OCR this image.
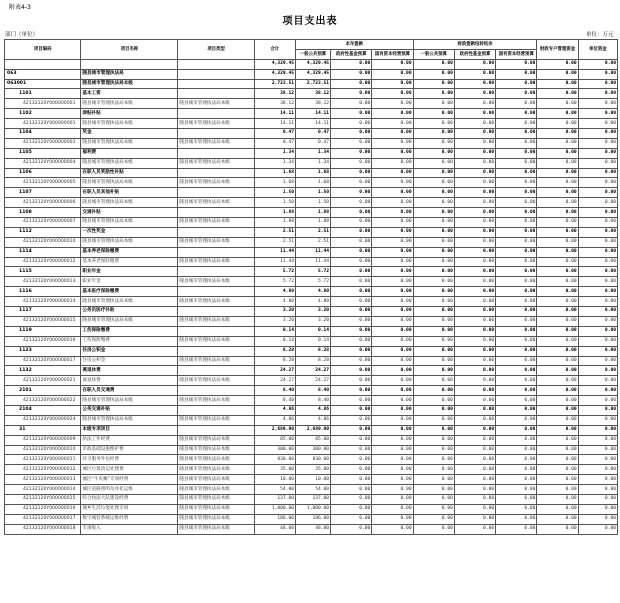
附表4-3
项目支出表
部门（单位）	单位：万元
项目编码	项目名称	项目类型	合计	本年拨款			财政拨款结转结余			财政专户管理资金	单位资金
				一般公共预算	政府性基金预算	国有资本经营预算	一般公共预算	政府性基金预算	国有资本经营预算		
			4,329.45	4,329.45	0.00	0.00	0.00	0.00	0.00	0.00	0.00
063	随县城市管理执法局		4,329.45	4,329.45	0.00	0.00	0.00	0.00	0.00	0.00	0.00
063001	随县城市管理执法局本级		2,723.51	2,723.51	0.00	0.00	0.00	0.00	0.00	0.00	0.00
1101	基本工资		38.12	38.12	0.00	0.00	0.00	0.00	0.00	0.00	0.00
42132120Y000000001	随县城市管理执法局本级	随县城市管理执法局本级	38.12	38.12	0.00	0.00	0.00	0.00	0.00	0.00	0.00
1102	津贴补贴		14.11	14.11	0.00	0.00	0.00	0.00	0.00	0.00	0.00
42132120Y000000001	随县城市管理执法局本级	随县城市管理执法局本级	14.11	14.11	0.00	0.00	0.00	0.00	0.00	0.00	0.00
1104	奖金		0.47	0.47	0.00	0.00	0.00	0.00	0.00	0.00	0.00
42132120Y000000003	随县城市管理执法局本级	随县城市管理执法局本级	0.47	0.47	0.00	0.00	0.00	0.00	0.00	0.00	0.00
1105	福利费		1.34	1.34	0.00	0.00	0.00	0.00	0.00	0.00	0.00
42132120Y000000004	随县城市管理执法局本级	随县城市管理执法局本级	1.34	1.34	0.00	0.00	0.00	0.00	0.00	0.00	0.00
1106	在职人员奖励性补贴		1.68	1.68	0.00	0.00	0.00	0.00	0.00	0.00	0.00
42132120Y000000005	随县城市管理执法局本级	随县城市管理执法局本级	1.68	1.68	0.00	0.00	0.00	0.00	0.00	0.00	0.00
1107	在职人员其他补贴		1.50	1.50	0.00	0.00	0.00	0.00	0.00	0.00	0.00
42132120Y000000006	随县城市管理执法局本级	随县城市管理执法局本级	1.50	1.50	0.00	0.00	0.00	0.00	0.00	0.00	0.00
1108	交通补贴		1.88	1.88	0.00	0.00	0.00	0.00	0.00	0.00	0.00
42132120Y000000007	随县城市管理执法局本级	随县城市管理执法局本级	1.88	1.88	0.00	0.00	0.00	0.00	0.00	0.00	0.00
1112	一次性奖金		2.51	2.51	0.00	0.00	0.00	0.00	0.00	0.00	0.00
42132120Y000000010	随县城市管理执法局本级	随县城市管理执法局本级	2.51	2.51	0.00	0.00	0.00	0.00	0.00	0.00	0.00
1114	基本养老保险缴费		11.44	11.44	0.00	0.00	0.00	0.00	0.00	0.00	0.00
42132120Y000000012	基本养老保险缴费	随县城市管理执法局本级	11.44	11.44	0.00	0.00	0.00	0.00	0.00	0.00	0.00
1115	职业年金		5.72	5.72	0.00	0.00	0.00	0.00	0.00	0.00	0.00
42132120Y000000013	职业年金	随县城市管理执法局本级	5.72	5.72	0.00	0.00	0.00	0.00	0.00	0.00	0.00
1116	基本医疗保险缴费		4.80	4.80	0.00	0.00	0.00	0.00	0.00	0.00	0.00
42132120Y000000014	随县城市管理执法局本级	随县城市管理执法局本级	4.80	4.80	0.00	0.00	0.00	0.00	0.00	0.00	0.00
1117	公务员医疗补助		3.20	3.20	0.00	0.00	0.00	0.00	0.00	0.00	0.00
42132120Y000000015	随县城市管理执法局本级	随县城市管理执法局本级	3.20	3.20	0.00	0.00	0.00	0.00	0.00	0.00	0.00
1119	工伤保险缴费		0.14	0.14	0.00	0.00	0.00	0.00	0.00	0.00	0.00
42132120Y000000016	工伤保险缴费	随县城市管理执法局本级	0.14	0.14	0.00	0.00	0.00	0.00	0.00	0.00	0.00
1123	住房公积金		8.28	8.28	0.00	0.00	0.00	0.00	0.00	0.00	0.00
42132120Y000000017	住房公积金	随县城市管理执法局本级	8.28	8.28	0.00	0.00	0.00	0.00	0.00	0.00	0.00
1132	离退休费		24.27	24.27	0.00	0.00	0.00	0.00	0.00	0.00	0.00
42132120Y000000021	离退休费	随县城市管理执法局本级	24.27	24.27	0.00	0.00	0.00	0.00	0.00	0.00	0.00
2101	在职人员交通费		8.40	8.40	0.00	0.00	0.00	0.00	0.00	0.00	0.00
42132120Y000000022	随县城市管理执法局本级	随县城市管理执法局本级	8.40	8.40	0.00	0.00	0.00	0.00	0.00	0.00	0.00
2104	公务交通补贴		4.86	4.86	0.00	0.00	0.00	0.00	0.00	0.00	0.00
42132120Y000000024	随县城市管理执法局本级	随县城市管理执法局本级	4.86	4.86	0.00	0.00	0.00	0.00	0.00	0.00	0.00
31	本级专项项目		2,689.90	2,689.90	0.00	0.00	0.00	0.00	0.00	0.00	0.00
42132120Y000000009	执法工作经费	随县城市管理执法局本级	85.00	85.00	0.00	0.00	0.00	0.00	0.00	0.00	0.00
42132120Y000000010	市政基础设施维护费	随县城市管理执法局本级	300.00	300.00	0.00	0.00	0.00	0.00	0.00	0.00	0.00
42132120Y000000011	环卫服务外包经费	随县城市管理执法局本级	830.00	830.00	0.00	0.00	0.00	0.00	0.00	0.00	0.00
42132120Y000000012	城区垃圾清运处理费	随县城市管理执法局本级	35.00	35.00	0.00	0.00	0.00	0.00	0.00	0.00	0.00
42132120Y000000013	城区“牛皮癣”专项经费	随县城市管理执法局本级	10.00	10.00	0.00	0.00	0.00	0.00	0.00	0.00	0.00
42132120Y000000014	城区道路照明及亮化运维	随县城市管理执法局本级	54.00	54.00	0.00	0.00	0.00	0.00	0.00	0.00	0.00
42132120Y000000015	综合执法大队建设经费	随县城市管理执法局本级	137.00	137.00	0.00	0.00	0.00	0.00	0.00	0.00	0.00
42132120Y000000016	城乡生活垃圾处理专项	随县城市管理执法局本级	1,000.00	1,000.00	0.00	0.00	0.00	0.00	0.00	0.00	0.00
42132120Y000000017	数字城管系统运维经费	随县城市管理执法局本级	186.00	186.00	0.00	0.00	0.00	0.00	0.00	0.00	0.00
42132120Y000000018	专项收入	随县城市管理执法局本级	48.00	48.00	0.00	0.00	0.00	0.00	0.00	0.00	0.00
